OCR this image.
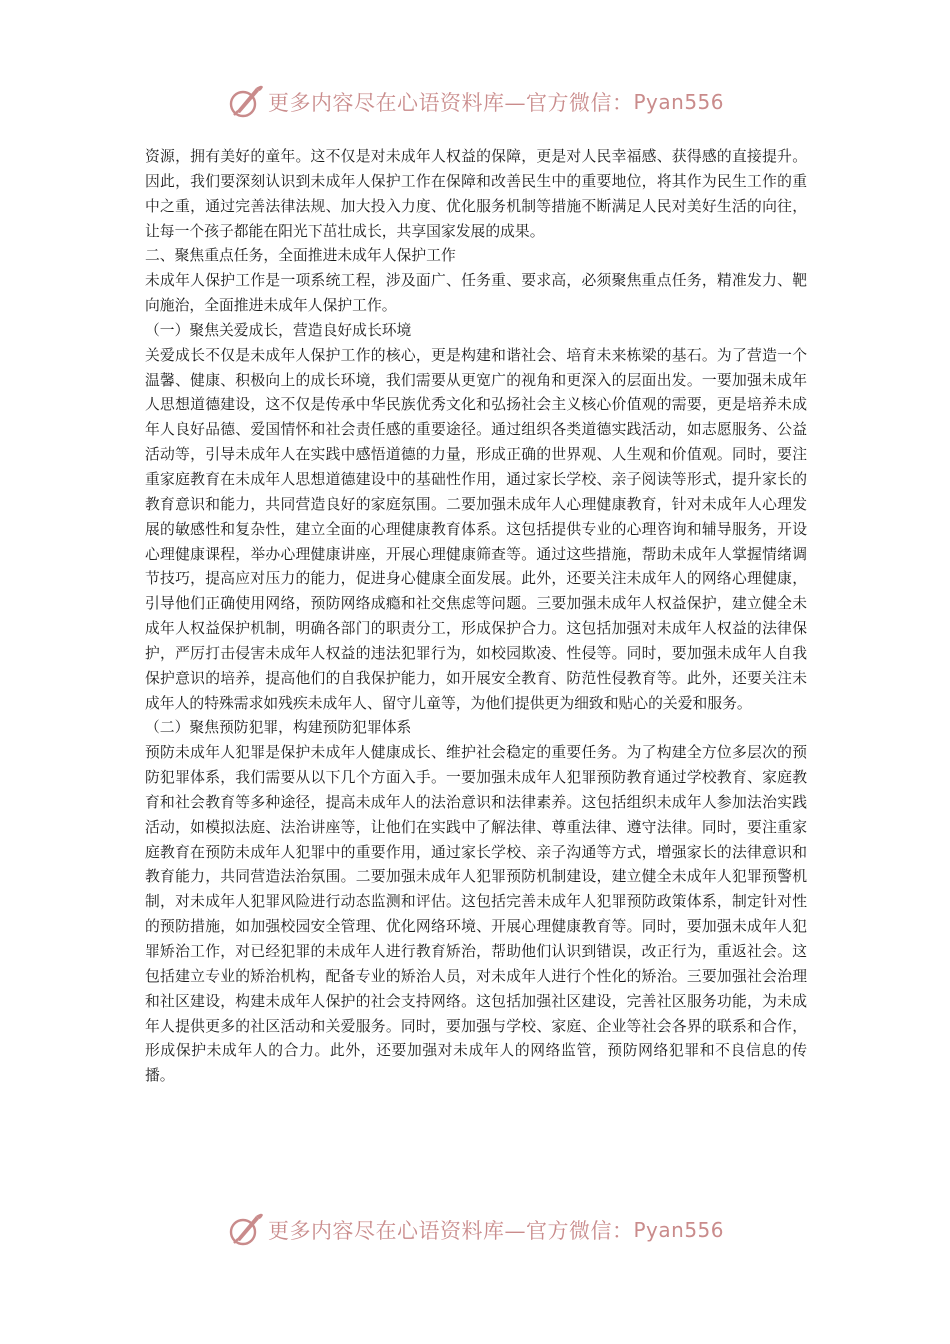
更多内容尽在心语资料库—官方微信： Pyan556

资源，拥有美好的童年。这不仅是对未成年人权益的保障，更是对人民幸福感、获得感的直接提升。因此，我们要深刻认识到未成年人保护工作在保障和改善民生中的重要地位，将其作为民生工作的重中之重，通过完善法律法规、加大投入力度、优化服务机制等措施不断满足人民对美好生活的向往，让每一个孩子都能在阳光下茁壮成长，共享国家发展的成果。

二、聚焦重点任务，全面推进未成年人保护工作

未成年人保护工作是一项系统工程，涉及面广、任务重、要求高，必须聚焦重点任务，精准发力、靶向施治，全面推进未成年人保护工作。

（一）聚焦关爱成长，营造良好成长环境

关爱成长不仅是未成年人保护工作的核心，更是构建和谐社会、培育未来栋梁的基石。为了营造一个温馨、健康、积极向上的成长环境，我们需要从更宽广的视角和更深入的层面出发。一要加强未成年人思想道德建设，这不仅是传承中华民族优秀文化和弘扬社会主义核心价值观的需要，更是培养未成年人良好品德、爱国情怀和社会责任感的重要途径。通过组织各类道德实践活动，如志愿服务、公益活动等，引导未成年人在实践中感悟道德的力量，形成正确的世界观、人生观和价值观。同时，要注重家庭教育在未成年人思想道德建设中的基础性作用，通过家长学校、亲子阅读等形式，提升家长的教育意识和能力，共同营造良好的家庭氛围。二要加强未成年人心理健康教育，针对未成年人心理发展的敏感性和复杂性，建立全面的心理健康教育体系。这包括提供专业的心理咨询和辅导服务，开设心理健康课程，举办心理健康讲座，开展心理健康筛查等。通过这些措施，帮助未成年人掌握情绪调节技巧，提高应对压力的能力，促进身心健康全面发展。此外，还要关注未成年人的网络心理健康，引导他们正确使用网络，预防网络成瘾和社交焦虑等问题。三要加强未成年人权益保护，建立健全未成年人权益保护机制，明确各部门的职责分工，形成保护合力。这包括加强对未成年人权益的法律保护，严厉打击侵害未成年人权益的违法犯罪行为，如校园欺凌、性侵等。同时，要加强未成年人自我保护意识的培养，提高他们的自我保护能力，如开展安全教育、防范性侵教育等。此外，还要关注未成年人的特殊需求如残疾未成年人、留守儿童等，为他们提供更为细致和贴心的关爱和服务。

（二）聚焦预防犯罪，构建预防犯罪体系

预防未成年人犯罪是保护未成年人健康成长、维护社会稳定的重要任务。为了构建全方位多层次的预防犯罪体系，我们需要从以下几个方面入手。一要加强未成年人犯罪预防教育通过学校教育、家庭教育和社会教育等多种途径，提高未成年人的法治意识和法律素养。这包括组织未成年人参加法治实践活动，如模拟法庭、法治讲座等，让他们在实践中了解法律、尊重法律、遵守法律。同时，要注重家庭教育在预防未成年人犯罪中的重要作用，通过家长学校、亲子沟通等方式，增强家长的法律意识和教育能力，共同营造法治氛围。二要加强未成年人犯罪预防机制建设，建立健全未成年人犯罪预警机制，对未成年人犯罪风险进行动态监测和评估。这包括完善未成年人犯罪预防政策体系，制定针对性的预防措施，如加强校园安全管理、优化网络环境、开展心理健康教育等。同时，要加强未成年人犯罪矫治工作，对已经犯罪的未成年人进行教育矫治，帮助他们认识到错误，改正行为，重返社会。这包括建立专业的矫治机构，配备专业的矫治人员，对未成年人进行个性化的矫治。三要加强社会治理和社区建设，构建未成年人保护的社会支持网络。这包括加强社区建设，完善社区服务功能，为未成年人提供更多的社区活动和关爱服务。同时，要加强与学校、家庭、企业等社会各界的联系和合作，形成保护未成年人的合力。此外，还要加强对未成年人的网络监管，预防网络犯罪和不良信息的传播。

更多内容尽在心语资料库—官方微信： Pyan556
